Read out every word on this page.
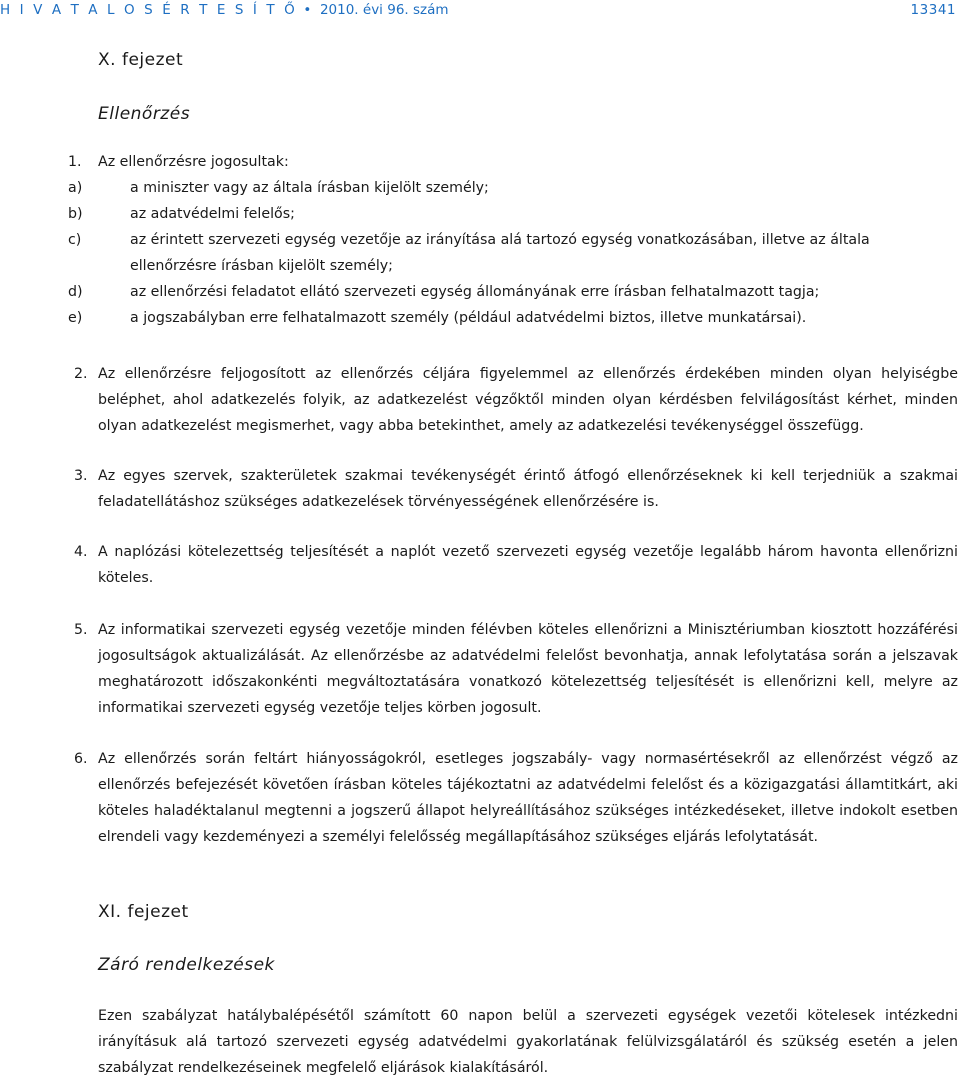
H I V A T A L O S É R T E S Í T Ő • 2010. évi 96. szám	13341
X. fejezet
Ellenőrzés
1. Az ellenőrzésre jogosultak:
a)	a miniszter vagy az általa írásban kijelölt személy;
b)	az adatvédelmi felelős;
c)	az érintett szervezeti egység vezetője az irányítása alá tartozó egység vonatkozásában, illetve az általa ellenőrzésre írásban kijelölt személy;
d)	az ellenőrzési feladatot ellátó szervezeti egység állományának erre írásban felhatalmazott tagja;
e)	a jogszabályban erre felhatalmazott személy (például adatvédelmi biztos, illetve munkatársai).
2. Az ellenőrzésre feljogosított az ellenőrzés céljára figyelemmel az ellenőrzés érdekében minden olyan helyiségbe beléphet, ahol adatkezelés folyik, az adatkezelést végzőktől minden olyan kérdésben felvilágosítást kérhet, minden olyan adatkezelést megismerhet, vagy abba betekinthet, amely az adatkezelési tevékenységgel összefügg.
3. Az egyes szervek, szakterületek szakmai tevékenységét érintő átfogó ellenőrzéseknek ki kell terjedniük a szakmai feladatellátáshoz szükséges adatkezelések törvényességének ellenőrzésére is.
4. A naplózási kötelezettség teljesítését a naplót vezető szervezeti egység vezetője legalább három havonta ellenőrizni köteles.
5. Az informatikai szervezeti egység vezetője minden félévben köteles ellenőrizni a Minisztériumban kiosztott hozzáférési jogosultságok aktualizálását. Az ellenőrzésbe az adatvédelmi felelőst bevonhatja, annak lefolytatása során a jelszavak meghatározott időszakonkénti megváltoztatására vonatkozó kötelezettség teljesítését is ellenőrizni kell, melyre az informatikai szervezeti egység vezetője teljes körben jogosult.
6. Az ellenőrzés során feltárt hiányosságokról, esetleges jogszabály- vagy normasértésekről az ellenőrzést végző az ellenőrzés befejezését követően írásban köteles tájékoztatni az adatvédelmi felelőst és a közigazgatási államtitkárt, aki köteles haladéktalanul megtenni a jogszerű állapot helyreállításához szükséges intézkedéseket, illetve indokolt esetben elrendeli vagy kezdeményezi a személyi felelősség megállapításához szükséges eljárás lefolytatását.
XI. fejezet
Záró rendelkezések
Ezen szabályzat hatálybalépésétől számított 60 napon belül a szervezeti egységek vezetői kötelesek intézkedni irányításuk alá tartozó szervezeti egység adatvédelmi gyakorlatának felülvizsgálatáról és szükség esetén a jelen szabályzat rendelkezéseinek megfelelő eljárások kialakításáról.
